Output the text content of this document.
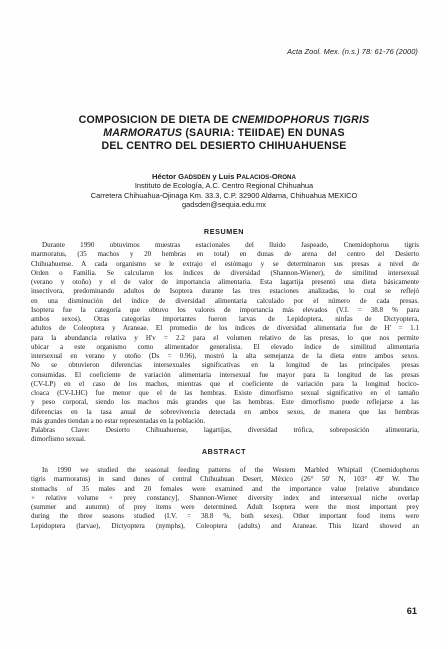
Acta Zool. Mex. (n.s.) 78: 61-76 (2000)
COMPOSICION DE DIETA DE CNEMIDOPHORUS TIGRIS
MARMORATUS (SAURIA: TEIIDAE) EN DUNAS
DEL CENTRO DEL DESIERTO CHIHUAHUENSE
Héctor GADSDEN y Luis PALACIOS-ORONA
Instituto de Ecología, A.C. Centro Regional Chihuahua
Carretera Chihuahua-Ojinaga Km. 33.3, C.P. 32900 Aldama, Chihuahua MEXICO
gadsden@sequia.edu.mx
RESUMEN
Durante 1990 obtuvimos muestras estacionales del lluido Jaspeado, Cnemidophorus tigris
marmoratus, (35 machos y 20 hembras en total) en dunas de arena del centro del Desierto
Chihuahuense. A cada organismo se le extrajo el estómago y se determinaron sus presas a nivel de
Orden o Familia. Se calcularon los índices de diversidad (Shannon-Wiener), de similitud intersexual
(verano y otoño) y el de valor de importancia alimentaria. Esta lagartija presentó una dieta básicamente
insectívora, predominando adultos de Isoptera durante las tres estaciones analizadas, lo cual se reflejó
en una disminución del índice de diversidad alimentaria calculado por el número de cada presas.
Isoptera fue la categoría que obtuvo los valores de importancia más elevados (V.I. = 38.8 % para
ambos sexos). Otras categorías importantes fueron larvas de Lepidoptera, ninfas de Dictyoptera,
adultos de Coleoptera y Araneae. El promedio de los índices de diversidad alimentaria fue de H' = 1.1
para la abundancia relativa y H'v = 2.2 para el volumen relativo de las presas, lo que nos permite
ubicar a este organismo como alimentador generalista. El elevado índice de similitud alimentaria
intersexual en verano y otoño (Ds = 0.96), mostró la alta semejanza de la dieta entre ambos sexos.
No se obtuvieron diferencias intersexuales significativas en la longitud de las principales presas
consumidas. El coeficiente de variación alimentaria intersexual fue mayor para la longitud de las presas
(CV-LP) en el caso de los machos, mientras que el coeficiente de variación para la longitud hocico-
cloaca (CV-LHC) fue menor que el de las hembras. Existe dimorfismo sexual significativo en el tamaño
y peso corporal, siendo los machos más grandes que las hembras. Este dimorfismo puede reflejarse a las
diferencias en la tasa anual de sobrevivencia detectada en ambos sexos, de manera que las hembras
más grandes tiendan a no estar representadas en la población.
Palabras Clave: Desierto Chihuahuense, lagartijas, diversidad trófica, sobreposición alimentaria,
dimorfismo sexual.
ABSTRACT
In 1990 we studied the seasonal feeding patterns of the Western Marbled Whiptail (Cnemidophorus
tigris marmoratus) in sand dunes of central Chihuahuan Desert, México (26° 50' N, 103° 49' W. The
stomachs of 35 males and 20 females were examined and the importance value [relative abundance
+ relative volume + prey constancy], Shannon-Wiener diversity index and intersexual niche overlap
(summer and autumn) of prey items were determined. Adult Isoptera were the most important prey
during the three seasons studied (I.V. = 38.8 %, both sexes). Other important food items were
Lepidoptera (larvae), Dictyoptera (nymphs), Coleoptera (adults) and Araneae. This lizard showed an
61
